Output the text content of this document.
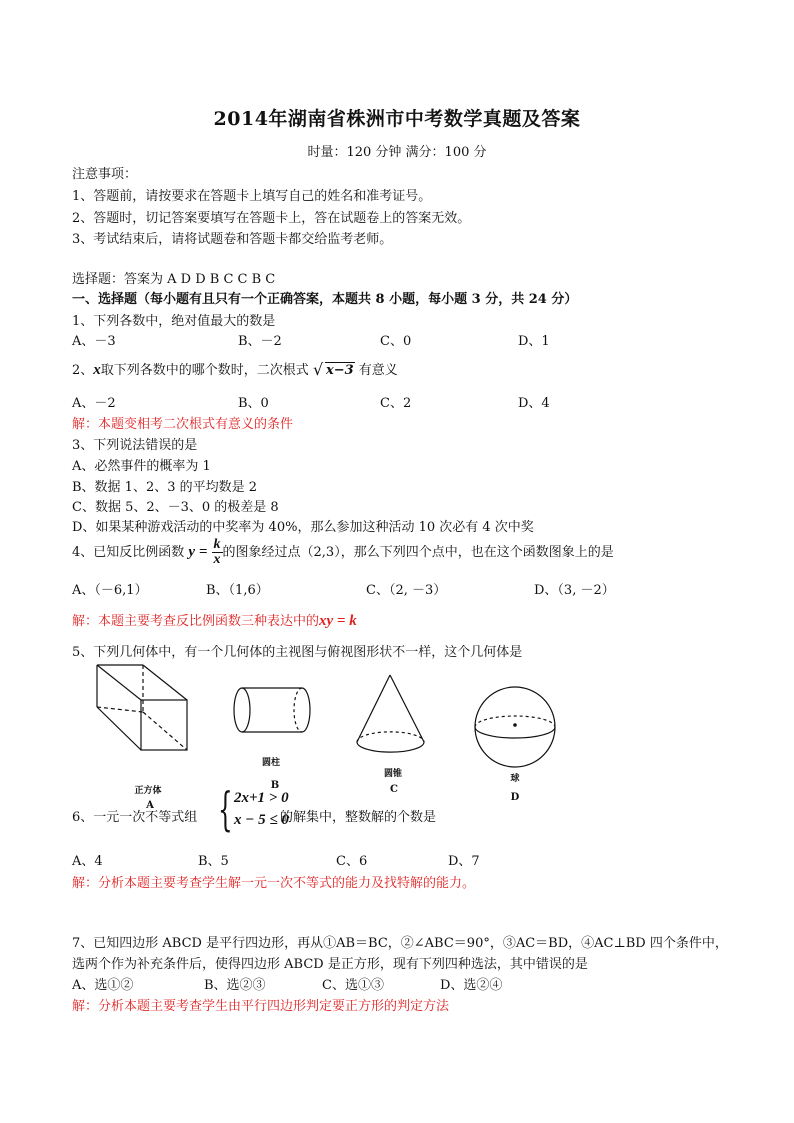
2014年湖南省株洲市中考数学真题及答案
时量：120 分钟 满分：100 分
注意事项：
1、答题前，请按要求在答题卡上填写自己的姓名和准考证号。
2、答题时，切记答案要填写在答题卡上，答在试题卷上的答案无效。
3、考试结束后，请将试题卷和答题卡都交给监考老师。
选择题：答案为 A D D B C C B C
一、选择题（每小题有且只有一个正确答案，本题共 8 小题，每小题 3 分，共 24 分）
1、下列各数中，绝对值最大的数是
A、－3	B、－2	C、0	D、1
2、x取下列各数中的哪个数时，二次根式 √ x−3 有意义
A、－2	B、0	C、2	D、4
解：本题变相考二次根式有意义的条件
3、下列说法错误的是
A、必然事件的概率为 1
B、数据 1、2、3 的平均数是 2
C、数据 5、2、－3、0 的极差是 8
D、如果某种游戏活动的中奖率为 40%，那么参加这种活动 10 次必有 4 次中奖
4、已知反比例函数 $y = \frac{k}{x}$ 的图象经过点（2,3），那么下列四个点中，也在这个函数图象上的是
A、（－6,1）	B、（1,6）	C、（2, －3）	D、（3, －2）
解：本题主要考查反比例函数三种表达中的xy = k
5、下列几何体中，有一个几何体的主视图与俯视图形状不一样，这个几何体是
正方体
A
圆柱
B
圆锥
C
球
D
6、一元一次不等式组 { 2x+1 > 0
x − 5 ≤ 0
的解集中，整数解的个数是
A、4	B、5	C、6	D、7
解：分析本题主要考查学生解一元一次不等式的能力及找特解的能力。
7、已知四边形 ABCD 是平行四边形，再从①AB＝BC，②∠ABC＝90°，③AC＝BD，④AC⊥BD 四个条件中，
选两个作为补充条件后，使得四边形 ABCD 是正方形，现有下列四种选法，其中错误的是
A、选①②	B、选②③	C、选①③	D、选②④
解：分析本题主要考查学生由平行四边形判定要正方形的判定方法
